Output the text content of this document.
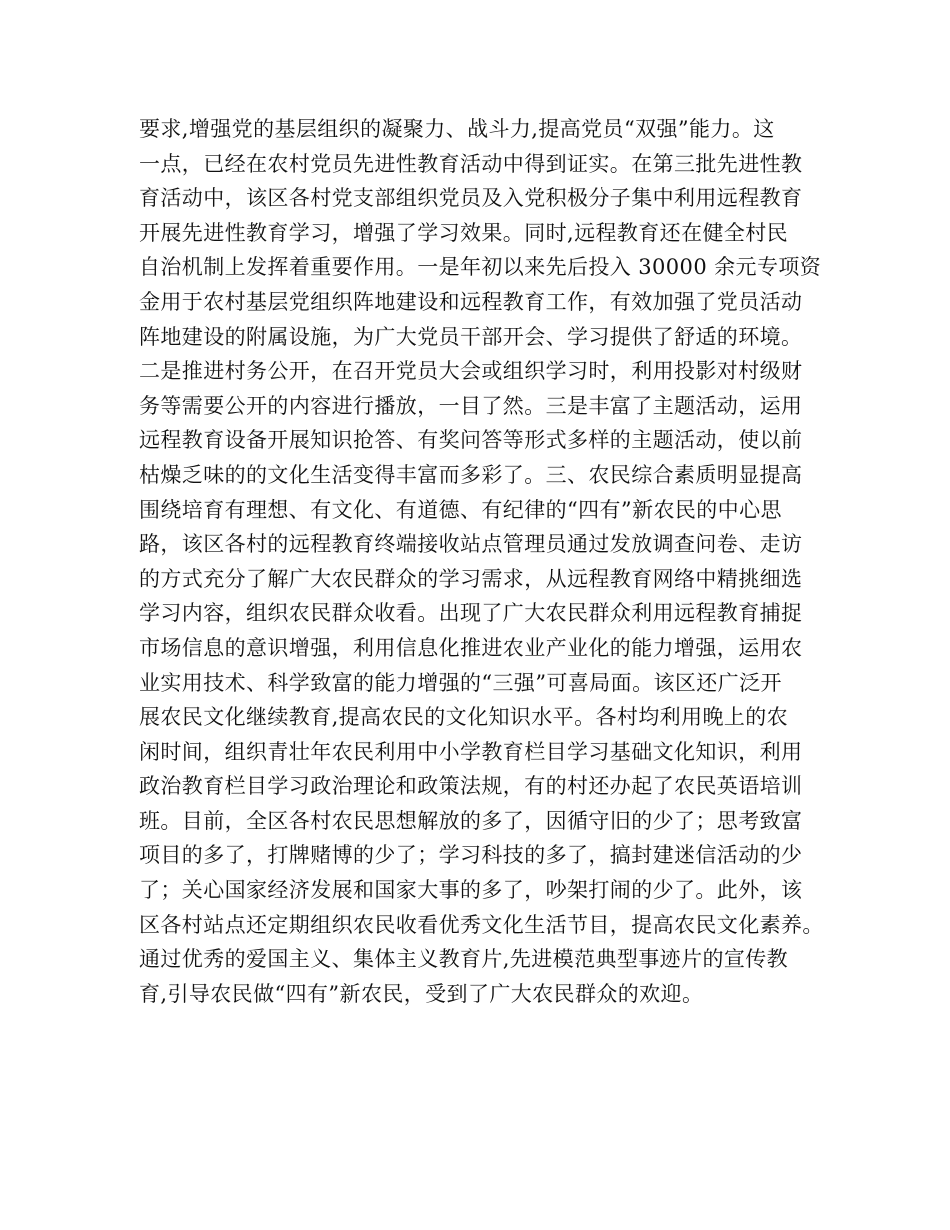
要求,增强党的基层组织的凝聚力、战斗力,提高党员“双强”能力。这
一点，已经在农村党员先进性教育活动中得到证实。在第三批先进性教
育活动中，该区各村党支部组织党员及入党积极分子集中利用远程教育
开展先进性教育学习，增强了学习效果。同时,远程教育还在健全村民
自治机制上发挥着重要作用。一是年初以来先后投入 30000 余元专项资
金用于农村基层党组织阵地建设和远程教育工作，有效加强了党员活动
阵地建设的附属设施，为广大党员干部开会、学习提供了舒适的环境。
二是推进村务公开，在召开党员大会或组织学习时，利用投影对村级财
务等需要公开的内容进行播放，一目了然。三是丰富了主题活动，运用
远程教育设备开展知识抢答、有奖问答等形式多样的主题活动，使以前
枯燥乏味的的文化生活变得丰富而多彩了。三、农民综合素质明显提高
围绕培育有理想、有文化、有道德、有纪律的“四有”新农民的中心思
路，该区各村的远程教育终端接收站点管理员通过发放调查问卷、走访
的方式充分了解广大农民群众的学习需求，从远程教育网络中精挑细选
学习内容，组织农民群众收看。出现了广大农民群众利用远程教育捕捉
市场信息的意识增强，利用信息化推进农业产业化的能力增强，运用农
业实用技术、科学致富的能力增强的“三强”可喜局面。该区还广泛开
展农民文化继续教育,提高农民的文化知识水平。各村均利用晚上的农
闲时间，组织青壮年农民利用中小学教育栏目学习基础文化知识，利用
政治教育栏目学习政治理论和政策法规，有的村还办起了农民英语培训
班。目前，全区各村农民思想解放的多了，因循守旧的少了；思考致富
项目的多了，打牌赌博的少了；学习科技的多了，搞封建迷信活动的少
了；关心国家经济发展和国家大事的多了，吵架打闹的少了。此外，该
区各村站点还定期组织农民收看优秀文化生活节目，提高农民文化素养。
通过优秀的爱国主义、集体主义教育片,先进模范典型事迹片的宣传教
育,引导农民做“四有”新农民，受到了广大农民群众的欢迎。
